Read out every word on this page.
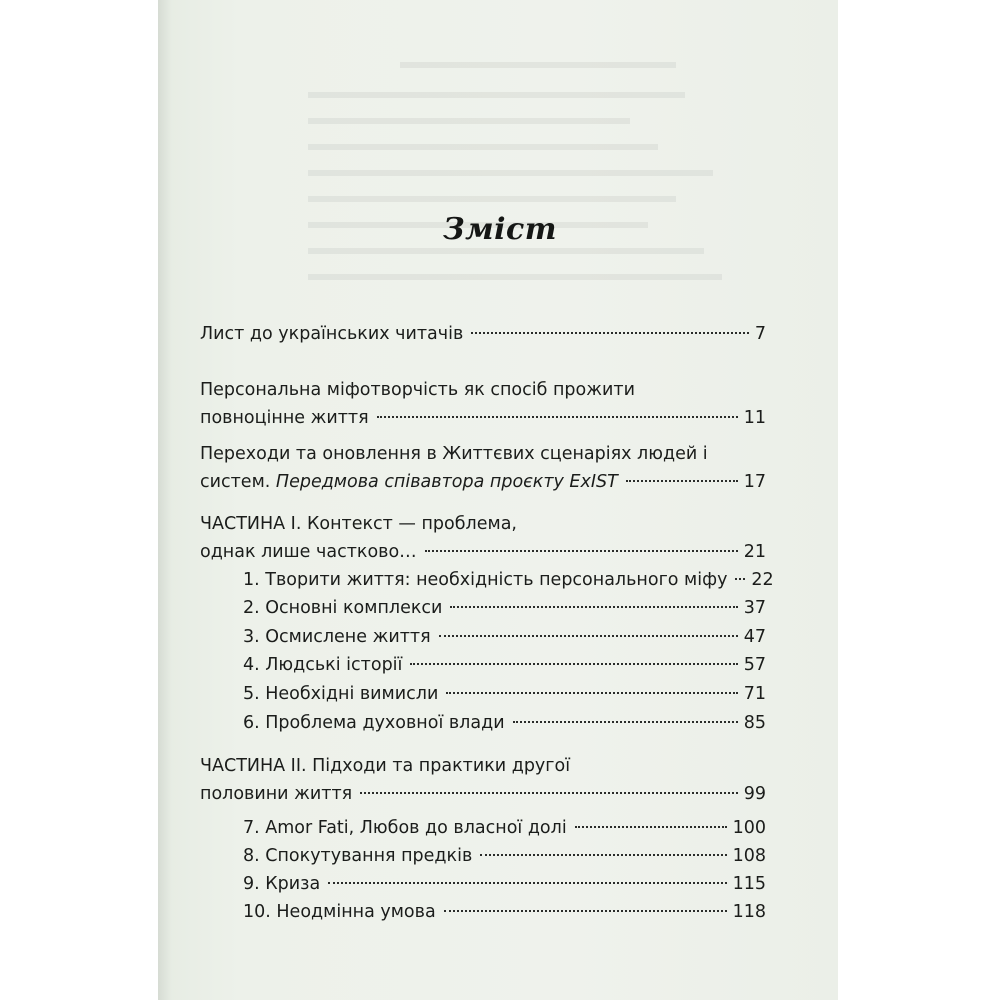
Зміст
Лист до українських читачів	7
Персональна міфотворчість як спосіб прожити
повноцінне життя	11
Переходи та оновлення в Життєвих сценаріях людей і
систем. Передмова співавтора проєкту ExIST	17
ЧАСТИНА I. Контекст — проблема,
однак лише частково…	21
1. Творити життя: необхідність персонального міфу 22
2. Основні комплекси	37
3. Осмислене життя	47
4. Людські історії	57
5. Необхідні вимисли	71
6. Проблема духовної влади	85
ЧАСТИНА II. Підходи та практики другої
половини життя	99
7. Amor Fati, Любов до власної долі	100
8. Спокутування предків	108
9. Криза	115
10. Неодмінна умова	118
